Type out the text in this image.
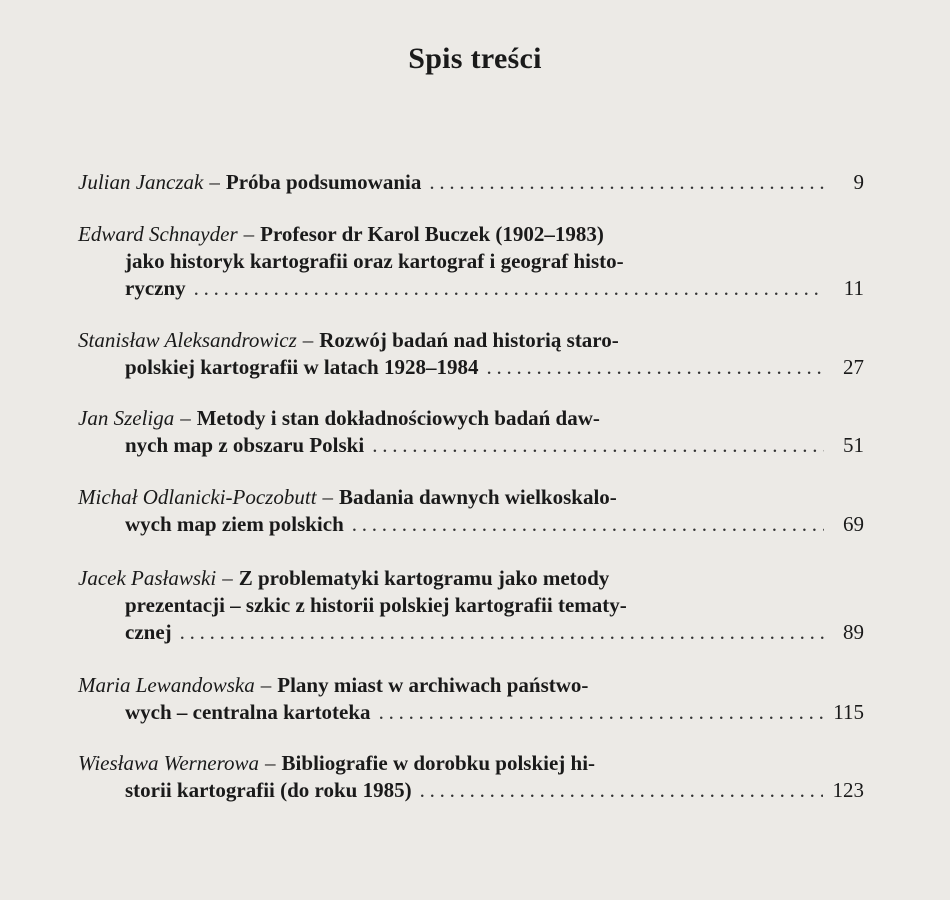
Spis treści
Julian Janczak – Próba podsumowania . . .	9
Edward Schnayder – Profesor dr Karol Buczek (1902–1983)
jako historyk kartografii oraz kartograf i geograf histo-
ryczny . . .	11
Stanisław Aleksandrowicz – Rozwój badań nad historią staro-
polskiej kartografii w latach 1928–1984 . . .	27
Jan Szeliga – Metody i stan dokładnościowych badań daw-
nych map z obszaru Polski . . .	51
Michał Odlanicki-Poczobutt – Badania dawnych wielkoskalo-
wych map ziem polskich . . .	69
Jacek Pasławski – Z problematyki kartogramu jako metody
prezentacji – szkic z historii polskiej kartografii tematy-
cznej . . .	89
Maria Lewandowska – Plany miast w archiwach państwo-
wych – centralna kartoteka . . .	115
Wiesława Wernerowa – Bibliografie w dorobku polskiej hi-
storii kartografii (do roku 1985) . . .	123
